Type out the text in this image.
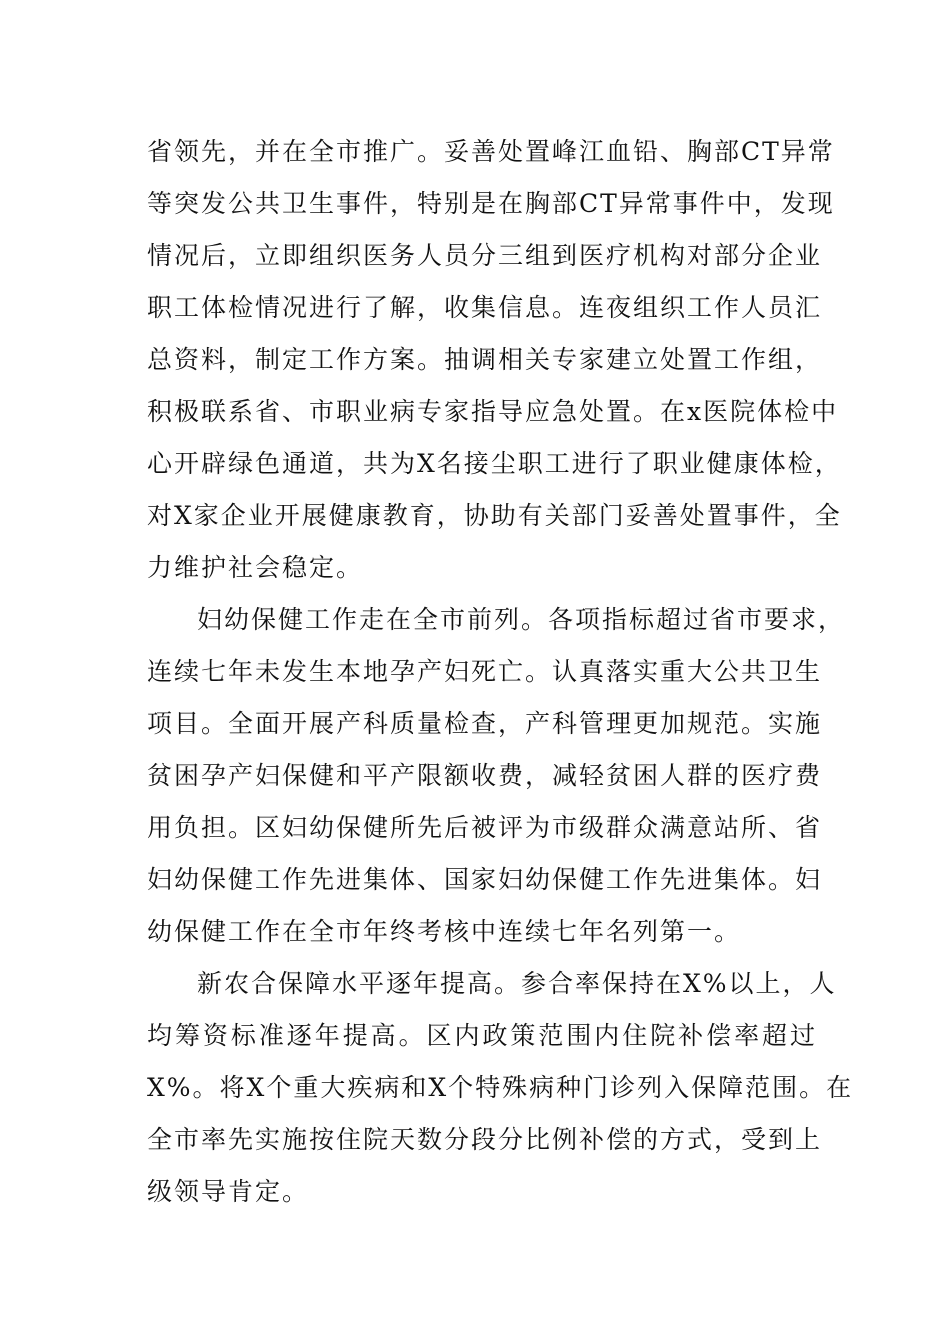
省领先，并在全市推广。妥善处置峰江血铅、胸部CT异常
等突发公共卫生事件，特别是在胸部CT异常事件中，发现
情况后，立即组织医务人员分三组到医疗机构对部分企业
职工体检情况进行了解，收集信息。连夜组织工作人员汇
总资料，制定工作方案。抽调相关专家建立处置工作组，
积极联系省、市职业病专家指导应急处置。在x医院体检中
心开辟绿色通道，共为X名接尘职工进行了职业健康体检，
对X家企业开展健康教育，协助有关部门妥善处置事件，全
力维护社会稳定。
妇幼保健工作走在全市前列。各项指标超过省市要求，
连续七年未发生本地孕产妇死亡。认真落实重大公共卫生
项目。全面开展产科质量检查，产科管理更加规范。实施
贫困孕产妇保健和平产限额收费，减轻贫困人群的医疗费
用负担。区妇幼保健所先后被评为市级群众满意站所、省
妇幼保健工作先进集体、国家妇幼保健工作先进集体。妇
幼保健工作在全市年终考核中连续七年名列第一。
新农合保障水平逐年提高。参合率保持在X%以上，人
均筹资标准逐年提高。区内政策范围内住院补偿率超过
X%。将X个重大疾病和X个特殊病种门诊列入保障范围。在
全市率先实施按住院天数分段分比例补偿的方式，受到上
级领导肯定。
